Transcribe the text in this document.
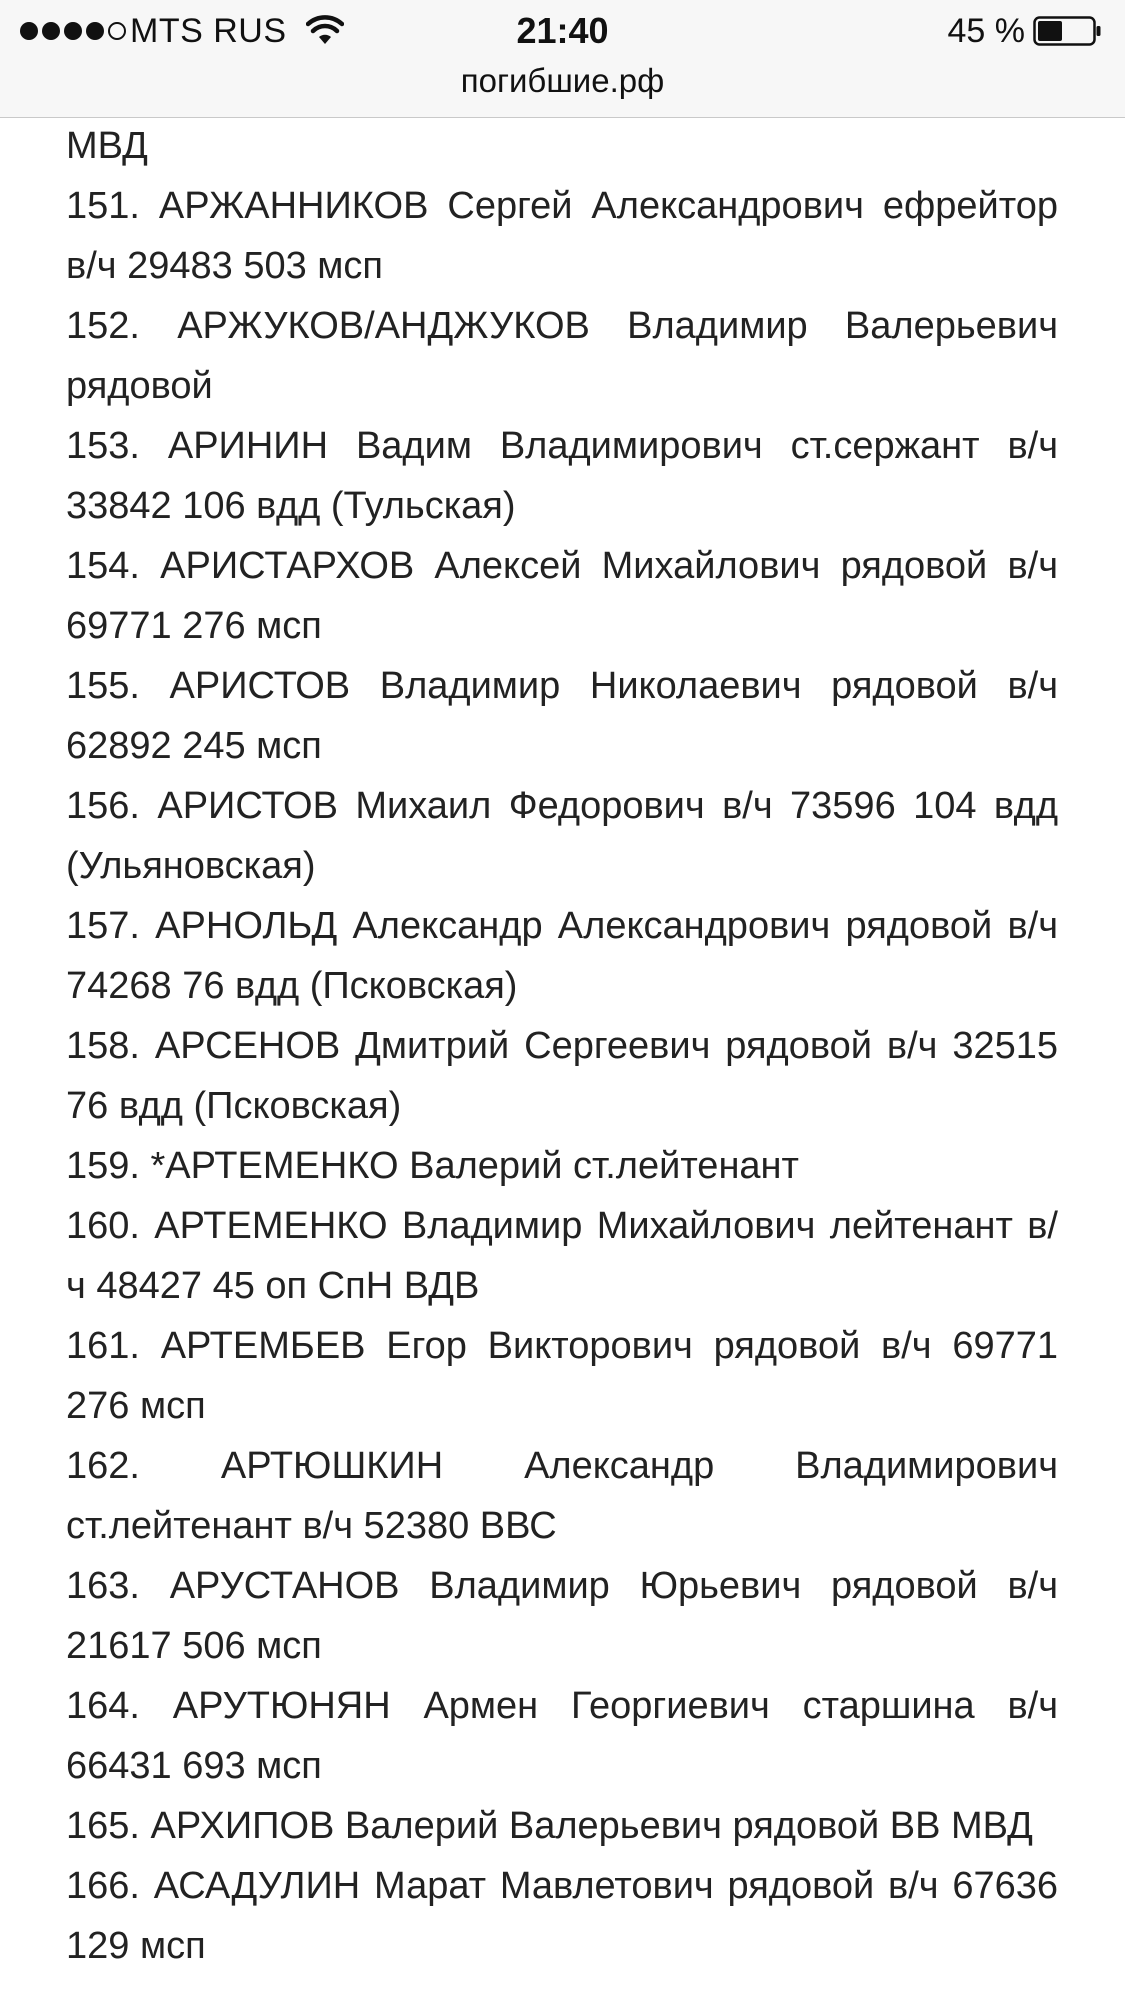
MTS RUS	21:40	45 %
погибшие.рф

МВД

151. АРЖАННИКОВ Сергей Александрович ефрейтор в/ч 29483 503 мсп

152. АРЖУКОВ/АНДЖУКОВ Владимир Валерьевич рядовой

153. АРИНИН Вадим Владимирович ст.сержант в/ч 33842 106 вдд (Тульская)

154. АРИСТАРХОВ Алексей Михайлович рядовой в/ч 69771 276 мсп

155. АРИСТОВ Владимир Николаевич рядовой в/ч 62892 245 мсп

156. АРИСТОВ Михаил Федорович в/ч 73596 104 вдд (Ульяновская)

157. АРНОЛЬД Александр Александрович рядовой в/ч 74268 76 вдд (Псковская)

158. АРСЕНОВ Дмитрий Сергеевич рядовой в/ч 32515 76 вдд (Псковская)

159. *АРТЕМЕНКО Валерий ст.лейтенант

160. АРТЕМЕНКО Владимир Михайлович лейтенант в/ч 48427 45 оп СпН ВДВ

161. АРТЕМБЕВ Егор Викторович рядовой в/ч 69771 276 мсп

162. АРТЮШКИН Александр Владимирович ст.лейтенант в/ч 52380 ВВС

163. АРУСТАНОВ Владимир Юрьевич рядовой в/ч 21617 506 мсп

164. АРУТЮНЯН Армен Георгиевич старшина в/ч 66431 693 мсп

165. АРХИПОВ Валерий Валерьевич рядовой ВВ МВД

166. АСАДУЛИН Марат Мавлетович рядовой в/ч 67636 129 мсп
